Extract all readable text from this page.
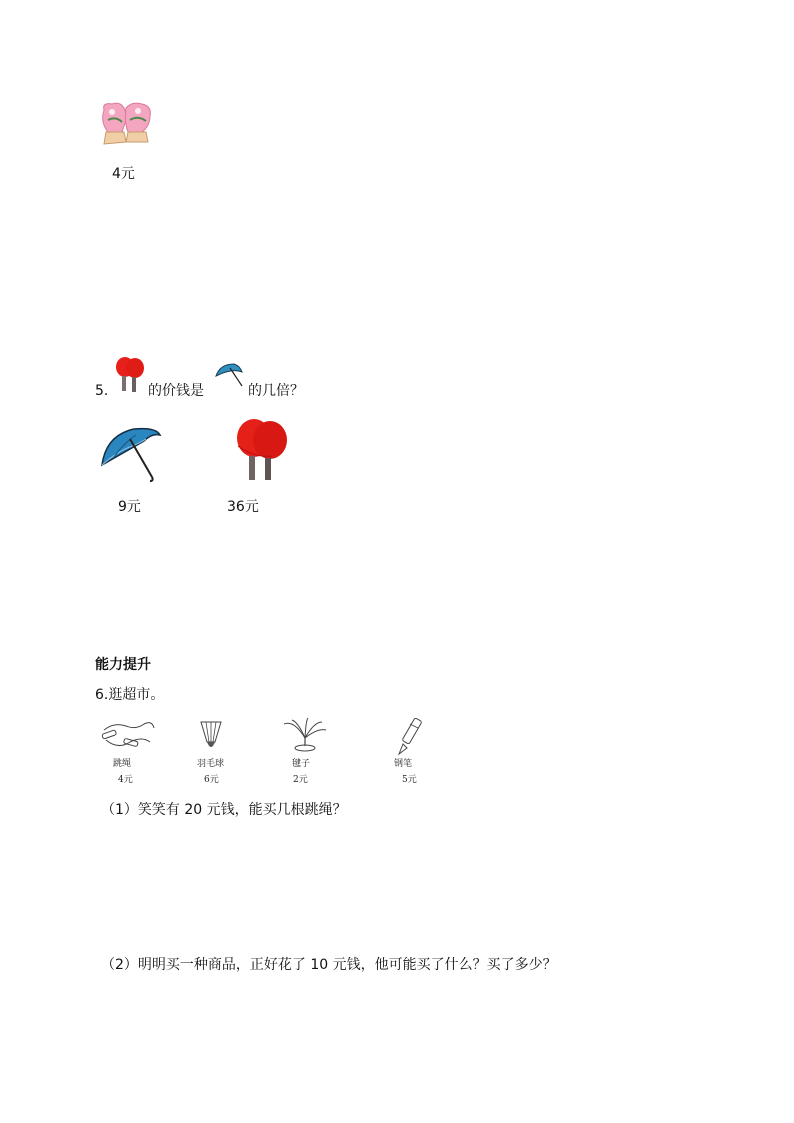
4元
5.	的价钱是	的几倍？
9元	36元
能力提升
6.逛超市。
跳绳
4元
羽毛球
6元
毽子
2元
钢笔
5元
（1）笑笑有 20 元钱，能买几根跳绳？
（2）明明买一种商品，正好花了 10 元钱，他可能买了什么？买了多少？
